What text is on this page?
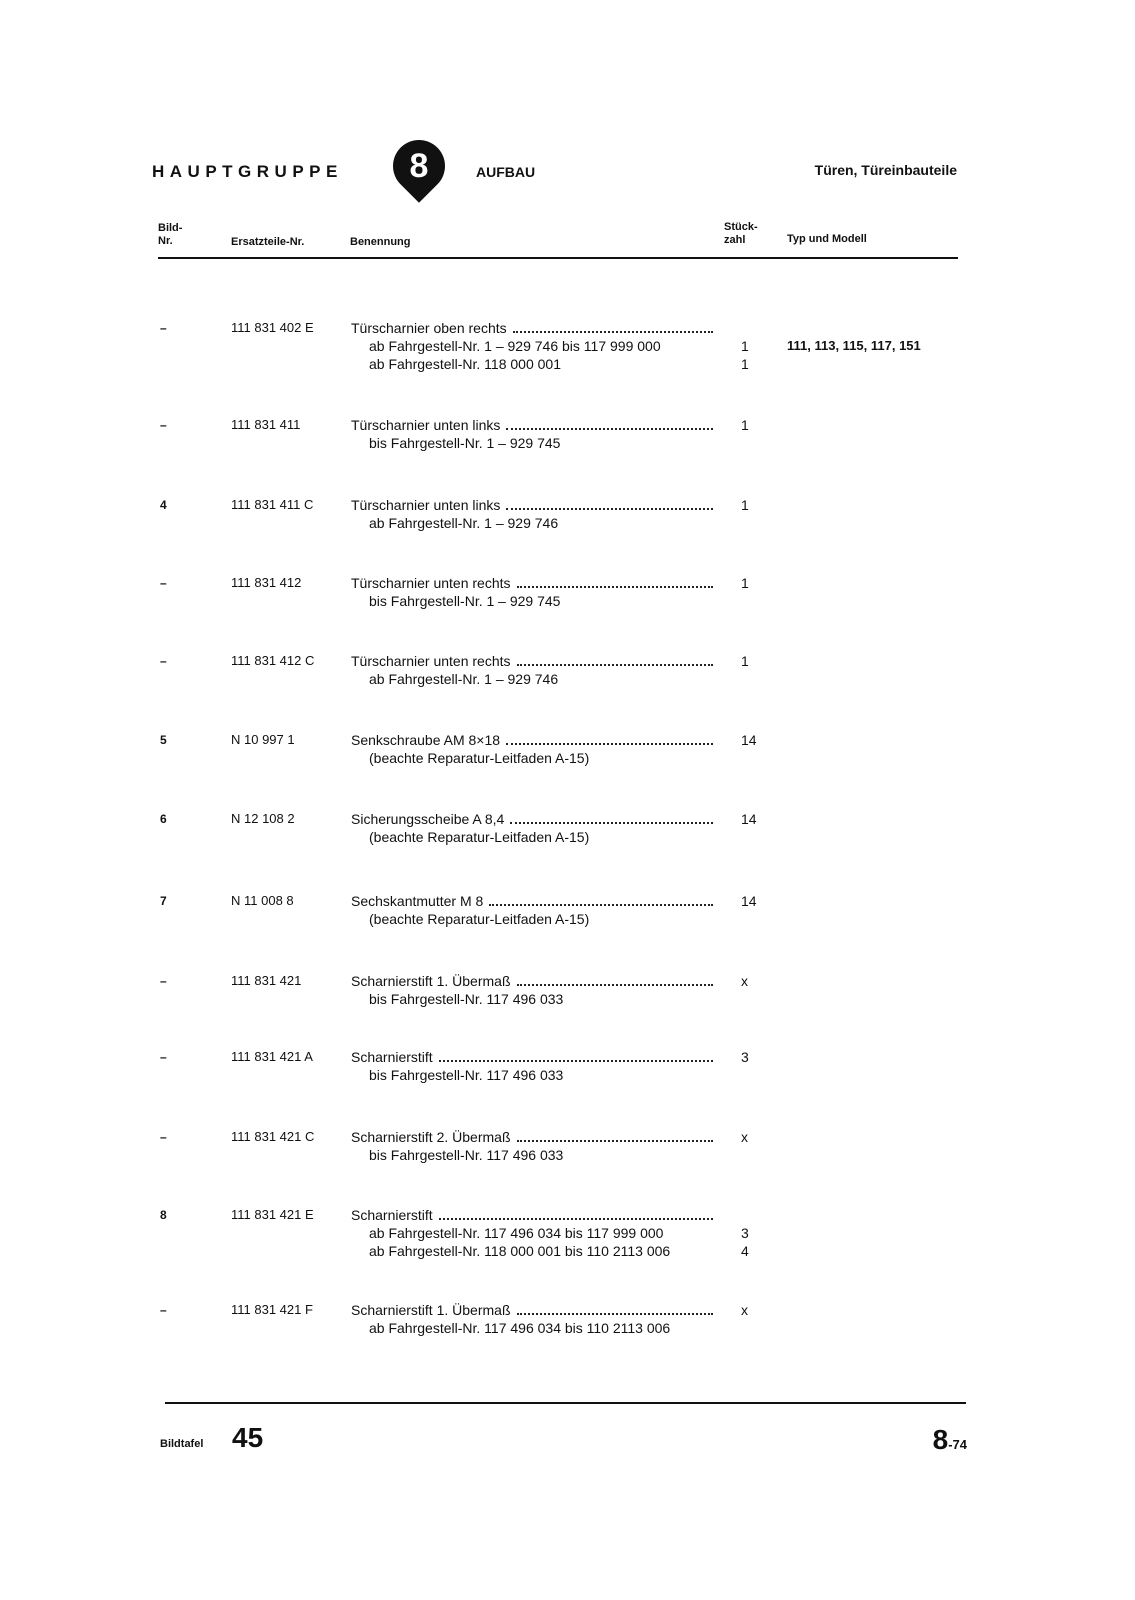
HAUPTGRUPPE	8	AUFBAU	Türen, Türeinbauteile
Bild-
Nr.	Ersatzteile-Nr.	Benennung
Stück-
zahl	Typ und Modell
–	111 831 402 E	Türscharnier oben rechts
ab Fahrgestell-Nr. 1 – 929 746 bis 117 999 000	1	111, 113, 115, 117, 151
ab Fahrgestell-Nr. 118 000 001	1
–	111 831 411	Türscharnier unten links	1
bis Fahrgestell-Nr. 1 – 929 745
4	111 831 411 C	Türscharnier unten links	1
ab Fahrgestell-Nr. 1 – 929 746
–	111 831 412	Türscharnier unten rechts	1
bis Fahrgestell-Nr. 1 – 929 745
–	111 831 412 C	Türscharnier unten rechts	1
ab Fahrgestell-Nr. 1 – 929 746
5	N 10 997 1	Senkschraube AM 8×18	14
(beachte Reparatur-Leitfaden A-15)
6	N 12 108 2	Sicherungsscheibe A 8,4	14
(beachte Reparatur-Leitfaden A-15)
7	N 11 008 8	Sechskantmutter M 8	14
(beachte Reparatur-Leitfaden A-15)
–	111 831 421	Scharnierstift 1. Übermaß	x
bis Fahrgestell-Nr. 117 496 033
–	111 831 421 A	Scharnierstift	3
bis Fahrgestell-Nr. 117 496 033
–	111 831 421 C	Scharnierstift 2. Übermaß	x
bis Fahrgestell-Nr. 117 496 033
8	111 831 421 E	Scharnierstift
ab Fahrgestell-Nr. 117 496 034 bis 117 999 000	3
ab Fahrgestell-Nr. 118 000 001 bis 110 2113 006	4
–	111 831 421 F	Scharnierstift 1. Übermaß	x
ab Fahrgestell-Nr. 117 496 034 bis 110 2113 006
Bildtafel 45	8-74
